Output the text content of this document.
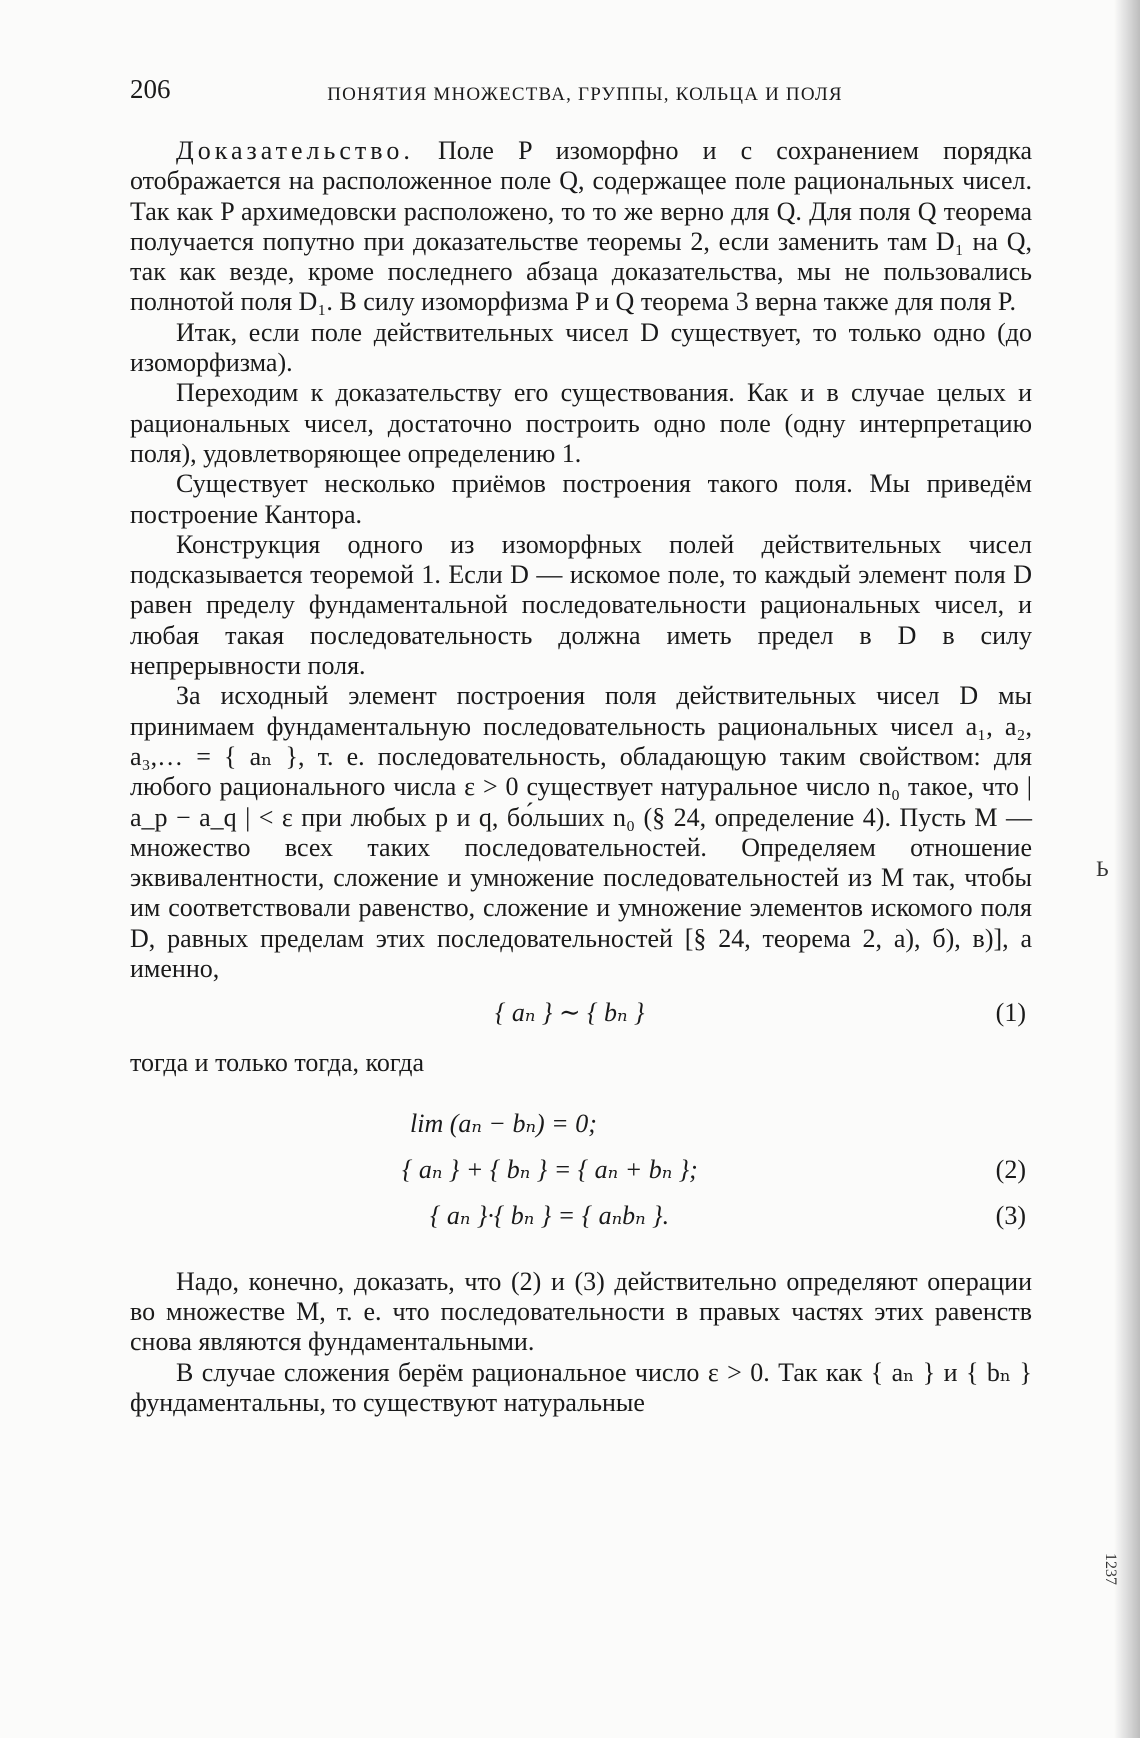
206	ПОНЯТИЯ МНОЖЕСТВА, ГРУППЫ, КОЛЬЦА И ПОЛЯ

Доказательство. Поле P изоморфно и с сохранением порядка отображается на расположенное поле Q, содержащее поле рациональных чисел. Так как P архимедовски расположено, то то же верно для Q. Для поля Q теорема получается попутно при доказательстве теоремы 2, если заменить там D₁ на Q, так как везде, кроме последнего абзаца доказательства, мы не пользовались полнотой поля D₁. В силу изоморфизма P и Q теорема 3 верна также для поля P.

Итак, если поле действительных чисел D существует, то только одно (до изоморфизма).

Переходим к доказательству его существования. Как и в случае целых и рациональных чисел, достаточно построить одно поле (одну интерпретацию поля), удовлетворяющее определению 1.

Существует несколько приёмов построения такого поля. Мы приведём построение Кантора.

Конструкция одного из изоморфных полей действительных чисел подсказывается теоремой 1. Если D — искомое поле, то каждый элемент поля D равен пределу фундаментальной последовательности рациональных чисел, и любая такая последовательность должна иметь предел в D в силу непрерывности поля.

За исходный элемент построения поля действительных чисел D мы принимаем фундаментальную последовательность рациональных чисел a₁, a₂, a₃,… = { aₙ }, т. е. последовательность, обладающую таким свойством: для любого рационального числа ε > 0 существует натуральное число n₀ такое, что | a_p − a_q | < ε при любых p и q, бо́льших n₀ (§ 24, определение 4). Пусть M — множество всех таких последовательностей. Определяем отношение эквивалентности, сложение и умножение последовательностей из M так, чтобы им соответствовали равенство, сложение и умножение элементов искомого поля D, равных пределам этих последовательностей [§ 24, теорема 2, а), б), в)], а именно,

{ aₙ } ∼ { bₙ }	(1)

тогда и только тогда, когда

lim (aₙ − bₙ) = 0;
{ aₙ } + { bₙ } = { aₙ + bₙ };	(2)
{ aₙ }·{ bₙ } = { aₙbₙ }.	(3)

Надо, конечно, доказать, что (2) и (3) действительно определяют операции во множестве M, т. е. что последовательности в правых частях этих равенств снова являются фундаментальными.

В случае сложения берём рациональное число ε > 0. Так как { aₙ } и { bₙ } фундаментальны, то существуют натуральные

Ь
1237
